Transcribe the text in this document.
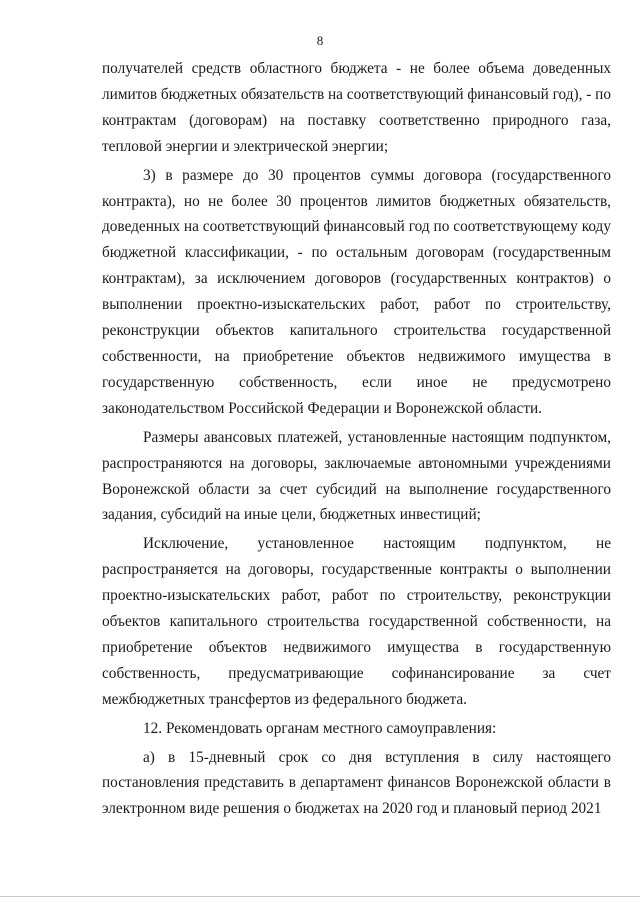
8

получателей средств областного бюджета - не более объема доведенных лимитов бюджетных обязательств на соответствующий финансовый год), - по контрактам (договорам) на поставку соответственно природного газа, тепловой энергии и электрической энергии;

3) в размере до 30 процентов суммы договора (государственного контракта), но не более 30 процентов лимитов бюджетных обязательств, доведенных на соответствующий финансовый год по соответствующему коду бюджетной классификации, - по остальным договорам (государственным контрактам), за исключением договоров (государственных контрактов) о выполнении проектно-изыскательских работ, работ по строительству, реконструкции объектов капитального строительства государственной собственности, на приобретение объектов недвижимого имущества в государственную собственность, если иное не предусмотрено законодательством Российской Федерации и Воронежской области.

Размеры авансовых платежей, установленные настоящим подпунктом, распространяются на договоры, заключаемые автономными учреждениями Воронежской области за счет субсидий на выполнение государственного задания, субсидий на иные цели, бюджетных инвестиций;

Исключение, установленное настоящим подпунктом, не распространяется на договоры, государственные контракты о выполнении проектно-изыскательских работ, работ по строительству, реконструкции объектов капитального строительства государственной собственности, на приобретение объектов недвижимого имущества в государственную собственность, предусматривающие софинансирование за счет межбюджетных трансфертов из федерального бюджета.

12. Рекомендовать органам местного самоуправления:

а) в 15-дневный срок со дня вступления в силу настоящего постановления представить в департамент финансов Воронежской области в электронном виде решения о бюджетах на 2020 год и плановый период 2021
